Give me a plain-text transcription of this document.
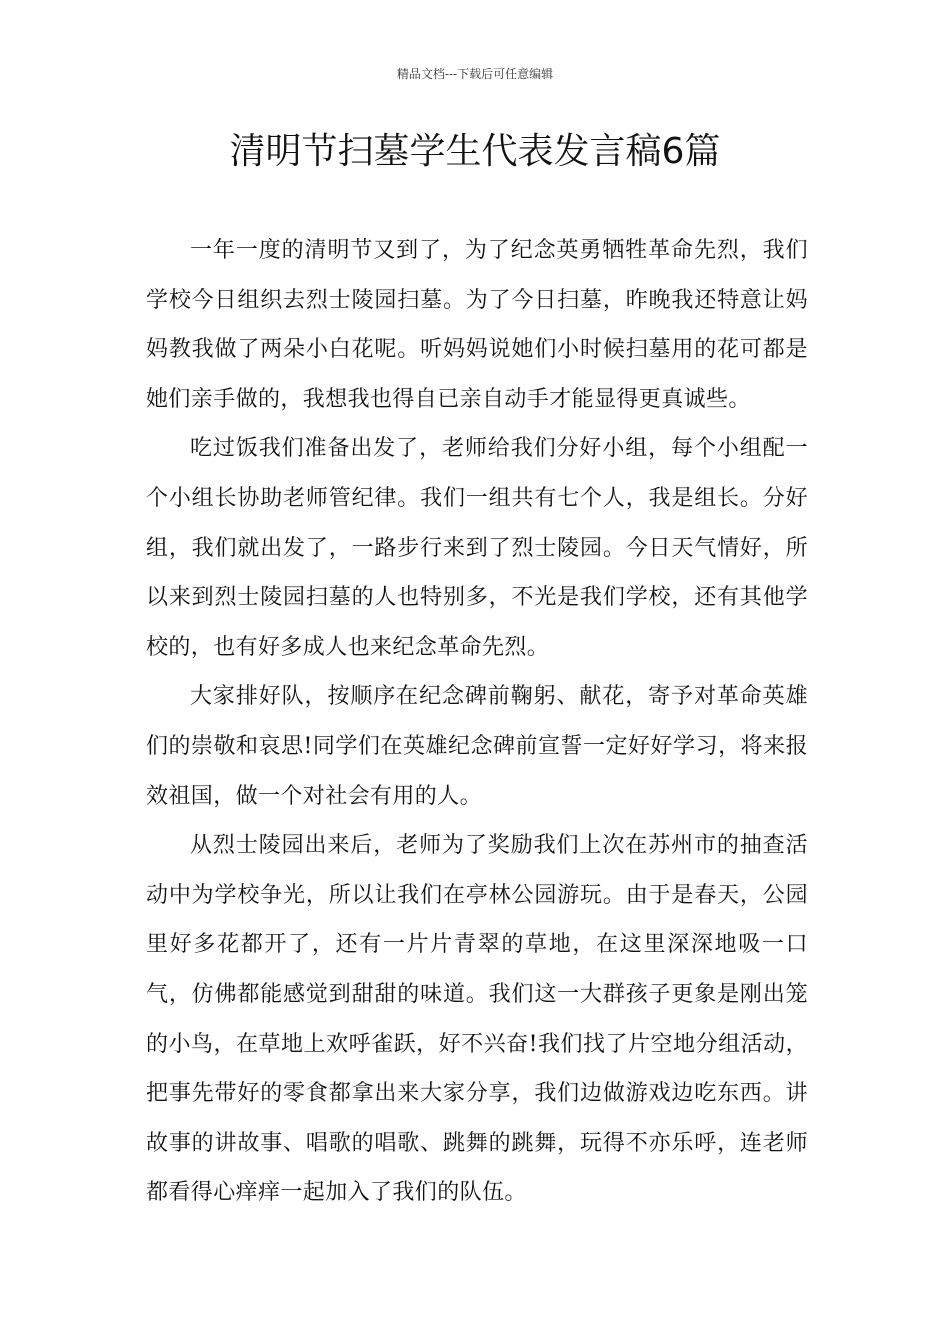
精品文档---下载后可任意编辑
清明节扫墓学生代表发言稿6篇

一年一度的清明节又到了，为了纪念英勇牺牲革命先烈，我们学校今日组织去烈士陵园扫墓。为了今日扫墓，昨晚我还特意让妈妈教我做了两朵小白花呢。听妈妈说她们小时候扫墓用的花可都是她们亲手做的，我想我也得自已亲自动手才能显得更真诚些。

吃过饭我们准备出发了，老师给我们分好小组，每个小组配一个小组长协助老师管纪律。我们一组共有七个人，我是组长。分好组，我们就出发了，一路步行来到了烈士陵园。今日天气情好，所以来到烈士陵园扫墓的人也特别多，不光是我们学校，还有其他学校的，也有好多成人也来纪念革命先烈。

大家排好队，按顺序在纪念碑前鞠躬、献花，寄予对革命英雄们的崇敬和哀思!同学们在英雄纪念碑前宣誓一定好好学习，将来报效祖国，做一个对社会有用的人。

从烈士陵园出来后，老师为了奖励我们上次在苏州市的抽查活动中为学校争光，所以让我们在亭林公园游玩。由于是春天，公园里好多花都开了，还有一片片青翠的草地，在这里深深地吸一口气，仿佛都能感觉到甜甜的味道。我们这一大群孩子更象是刚出笼的小鸟，在草地上欢呼雀跃，好不兴奋!我们找了片空地分组活动，把事先带好的零食都拿出来大家分享，我们边做游戏边吃东西。讲故事的讲故事、唱歌的唱歌、跳舞的跳舞，玩得不亦乐呼，连老师都看得心痒痒一起加入了我们的队伍。
